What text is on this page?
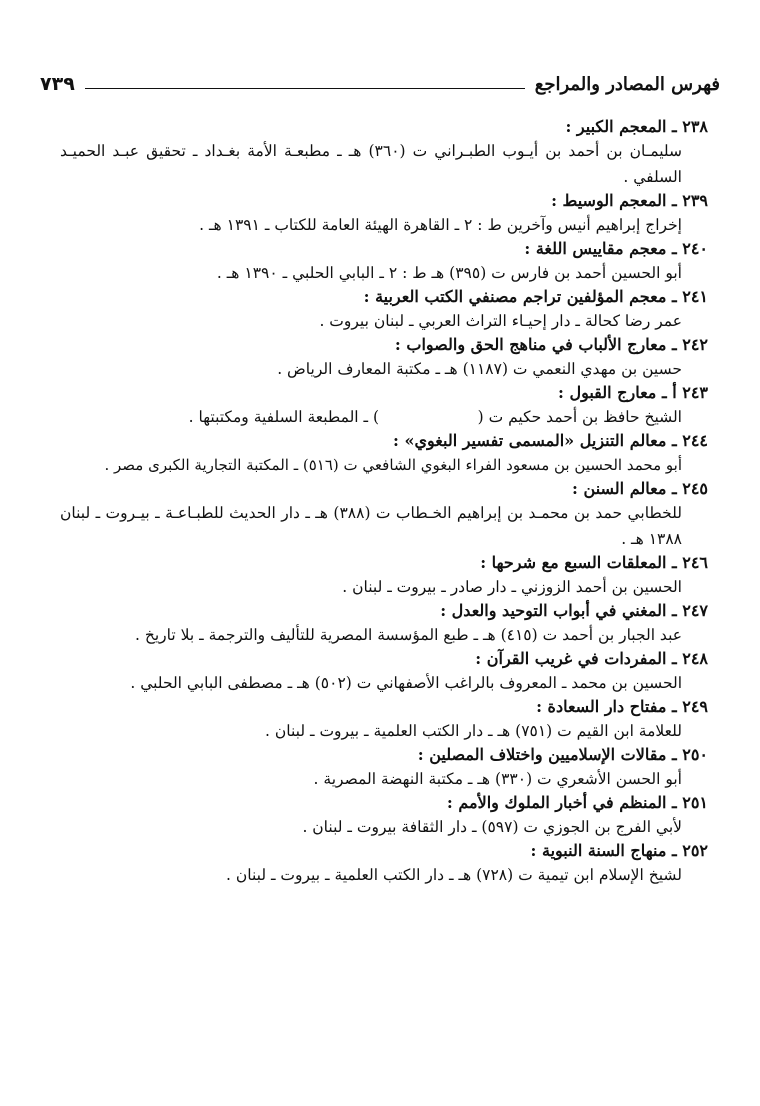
فهرس المصادر والمراجع
٧٣٩
٢٣٨ ـ المعجم الكبير :
سليمـان بن أحمد بن أيـوب الطبـراني ت (٣٦٠) هـ ـ مطبعـة الأمة بغـداد ـ تحقيق عبـد الحميـد السلفي .
٢٣٩ ـ المعجم الوسيط :
إخراج إبراهيم أنيس وآخرين ط : ٢ ـ القاهرة الهيئة العامة للكتاب ـ ١٣٩١ هـ .
٢٤٠ ـ معجم مقاييس اللغة :
أبو الحسين أحمد بن فارس ت (٣٩٥) هـ ط : ٢ ـ البابي الحلبي ـ ١٣٩٠ هـ .
٢٤١ ـ معجم المؤلفين تراجم مصنفي الكتب العربية :
عمر رضا كحالة ـ دار إحيـاء التراث العربي ـ لبنان بيروت .
٢٤٢ ـ معارج الألباب في مناهج الحق والصواب :
حسين بن مهدي النعمي ت (١١٨٧) هـ ـ مكتبة المعارف الرياض .
٢٤٣ أ ـ معارج القبول :
الشيخ حافظ بن أحمد حكيم ت (                    ) ـ المطبعة السلفية ومكتبتها .
٢٤٤ ـ معالم التنزيل «المسمى تفسير البغوي» :
أبو محمد الحسين بن مسعود الفراء البغوي الشافعي ت (٥١٦) ـ المكتبة التجارية الكبرى مصر .
٢٤٥ ـ معالم السنن :
للخطابي حمد بن محمـد بن إبراهيم الخـطاب ت (٣٨٨) هـ ـ دار الحديث للطبـاعـة ـ بيـروت ـ لبنان ١٣٨٨ هـ .
٢٤٦ ـ المعلقات السبع مع شرحها :
الحسين بن أحمد الزوزني ـ دار صادر ـ بيروت ـ لبنان .
٢٤٧ ـ المغني في أبواب التوحيد والعدل :
عبد الجبار بن أحمد ت (٤١٥) هـ ـ طبع المؤسسة المصرية للتأليف والترجمة ـ بلا تاريخ .
٢٤٨ ـ المفردات في غريب القرآن :
الحسين بن محمد ـ المعروف بالراغب الأصفهاني ت (٥٠٢) هـ ـ مصطفى البابي الحلبي .
٢٤٩ ـ مفتاح دار السعادة :
للعلامة ابن القيم ت (٧٥١) هـ ـ دار الكتب العلمية ـ بيروت ـ لبنان .
٢٥٠ ـ مقالات الإسلاميين واختلاف المصلين :
أبو الحسن الأشعري ت (٣٣٠) هـ ـ مكتبة النهضة المصرية .
٢٥١ ـ المنظم في أخبار الملوك والأمم :
لأبي الفرج بن الجوزي ت (٥٩٧) ـ دار الثقافة بيروت ـ لبنان .
٢٥٢ ـ منهاج السنة النبوية :
لشيخ الإسلام ابن تيمية ت (٧٢٨) هـ ـ دار الكتب العلمية ـ بيروت ـ لبنان .
